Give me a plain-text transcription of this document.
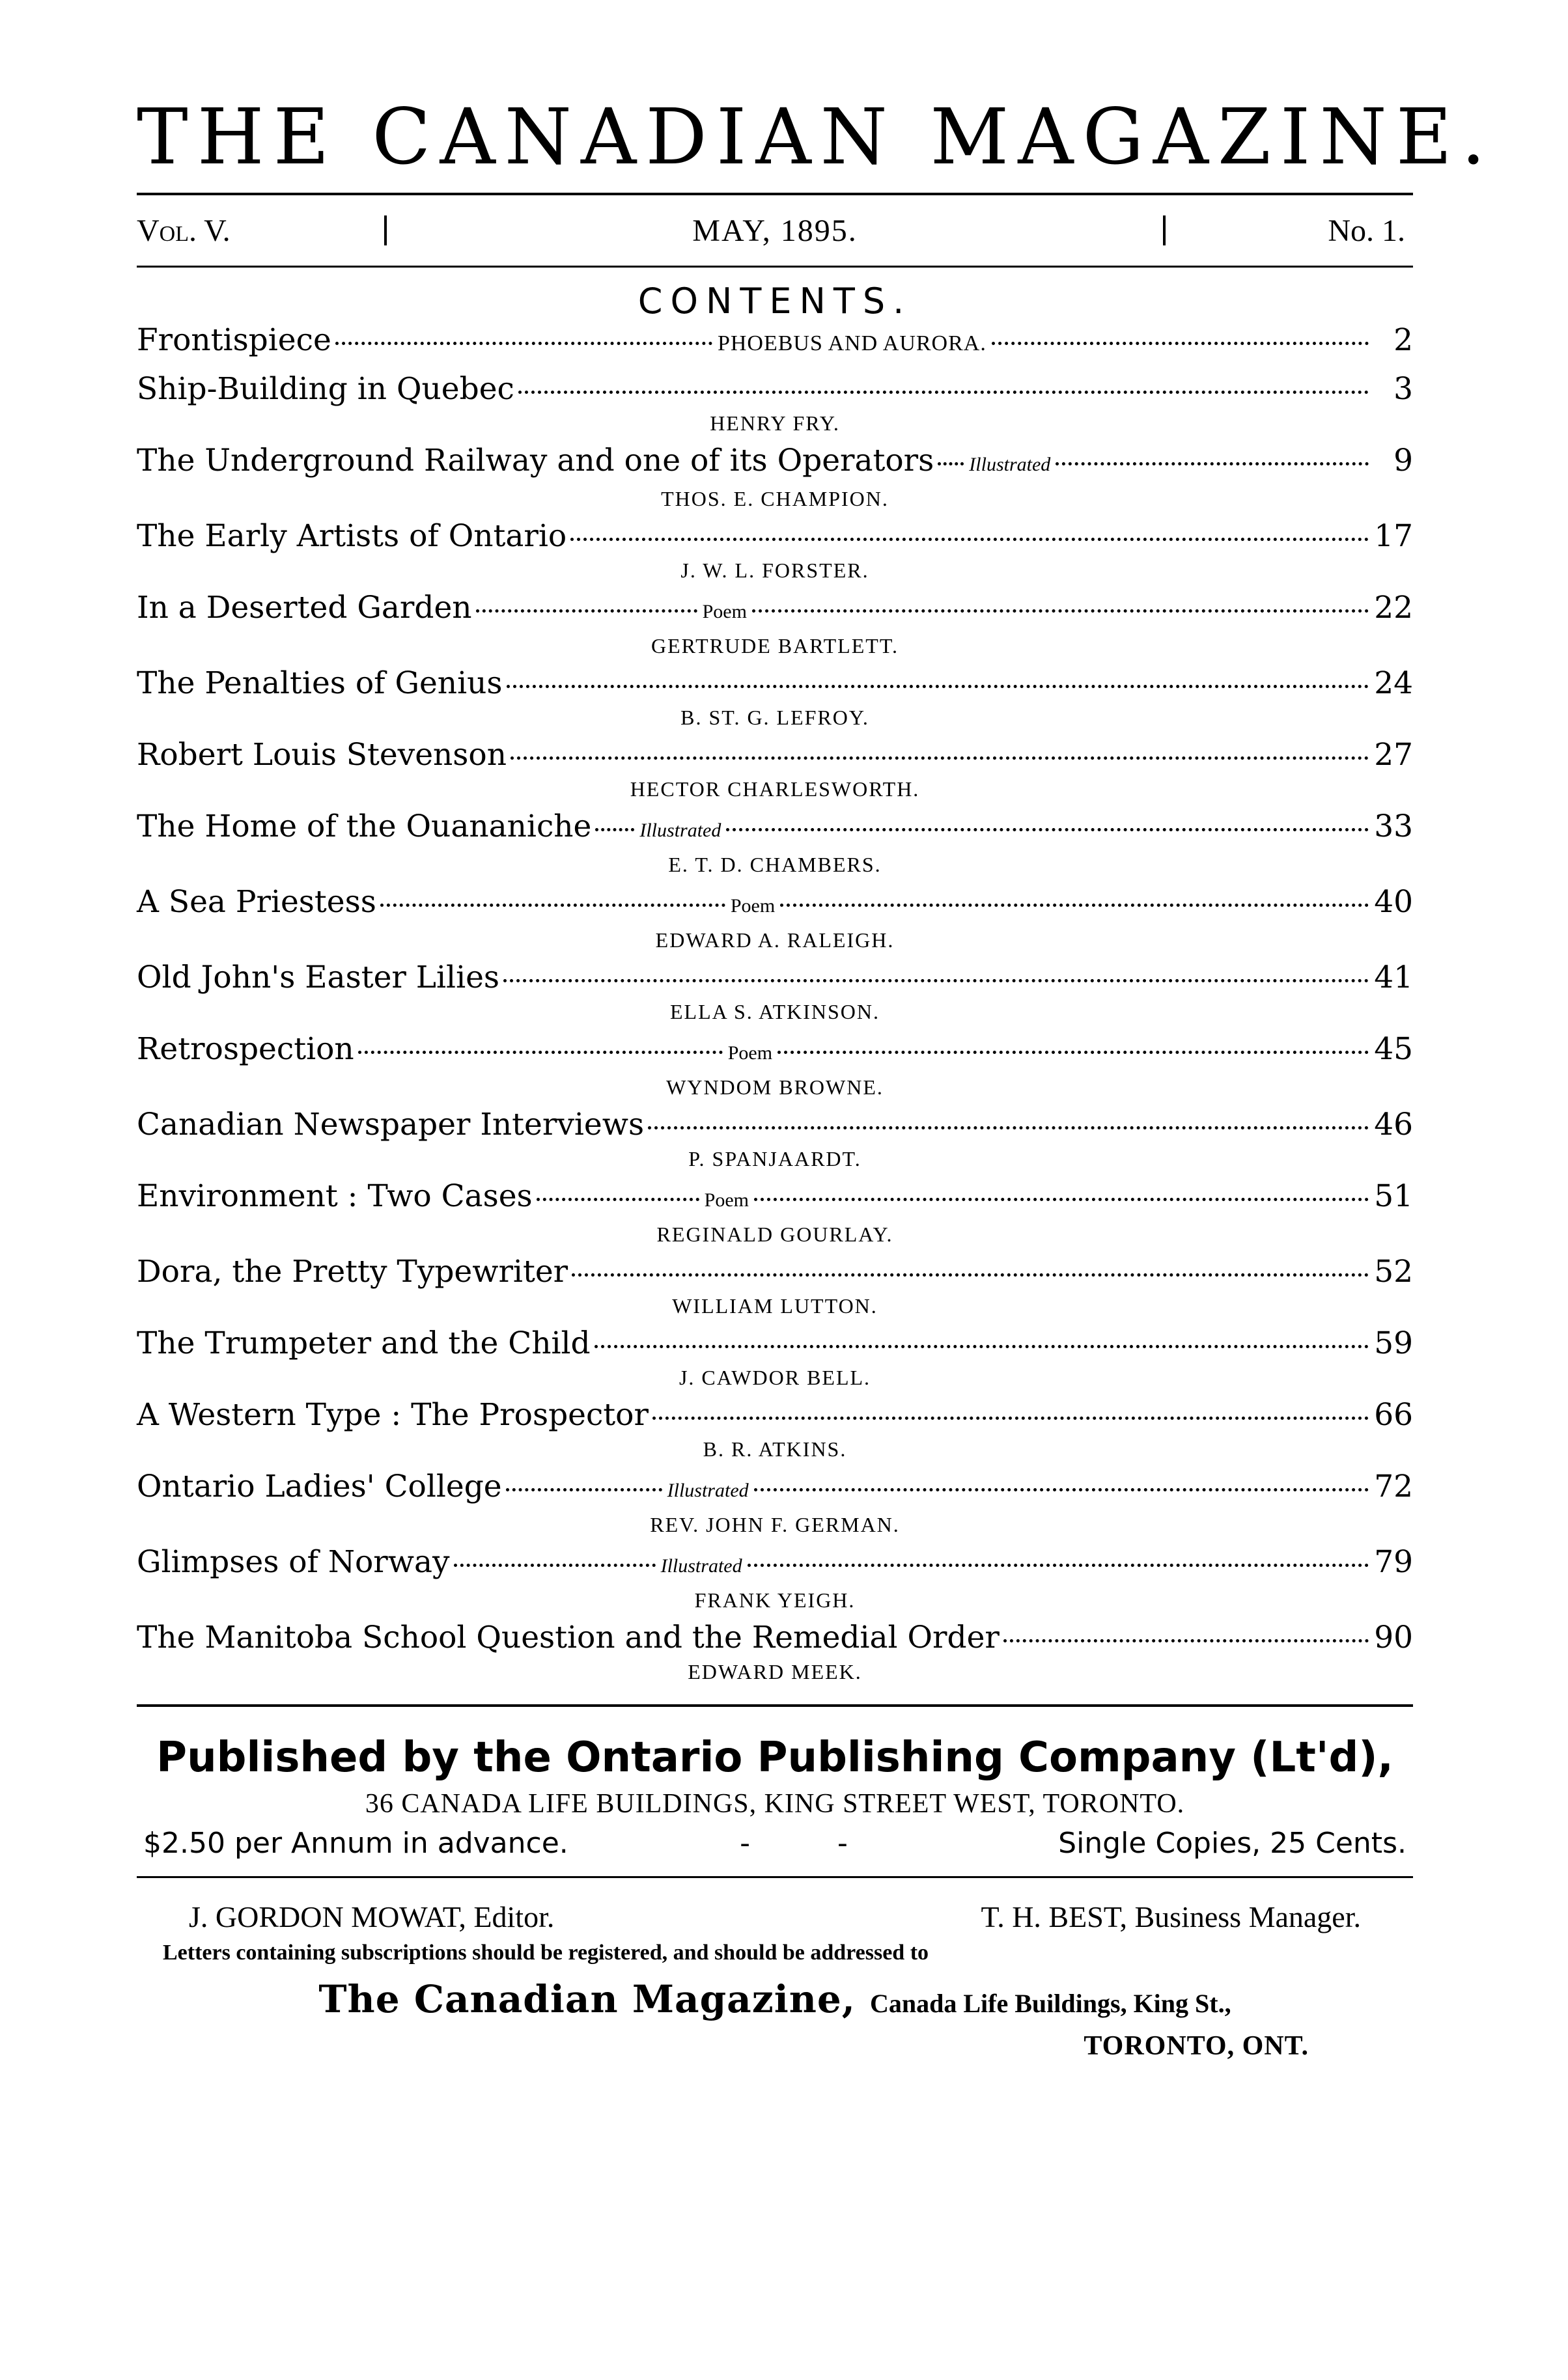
THE CANADIAN MAGAZINE.
Vol. V.	MAY, 1895.	No. 1.
CONTENTS.
Frontispiece	PHOEBUS AND AURORA.	2
Ship-Building in Quebec	3
HENRY FRY.
The Underground Railway and one of its Operators Illustrated	9
THOS. E. CHAMPION.
The Early Artists of Ontario	17
J. W. L. FORSTER.
In a Deserted Garden	Poem	22
GERTRUDE BARTLETT.
The Penalties of Genius	24
B. ST. G. LEFROY.
Robert Louis Stevenson	27
HECTOR CHARLESWORTH.
The Home of the Ouananiche Illustrated	33
E. T. D. CHAMBERS.
A Sea Priestess	Poem	40
EDWARD A. RALEIGH.
Old John's Easter Lilies	41
ELLA S. ATKINSON.
Retrospection	Poem	45
WYNDOM BROWNE.
Canadian Newspaper Interviews	46
P. SPANJAARDT.
Environment : Two Cases	Poem	51
REGINALD GOURLAY.
Dora, the Pretty Typewriter	52
WILLIAM LUTTON.
The Trumpeter and the Child	59
J. CAWDOR BELL.
A Western Type : The Prospector	66
B. R. ATKINS.
Ontario Ladies' College	Illustrated	72
REV. JOHN F. GERMAN.
Glimpses of Norway	Illustrated	79
FRANK YEIGH.
The Manitoba School Question and the Remedial Order	90
EDWARD MEEK.
Published by the Ontario Publishing Company (Lt'd),
36 CANADA LIFE BUILDINGS, KING STREET WEST, TORONTO.
$2.50 per Annum in advance.	- -	Single Copies, 25 Cents.
J. GORDON MOWAT, Editor.	T. H. BEST, Business Manager.
Letters containing subscriptions should be registered, and should be addressed to
The Canadian Magazine, Canada Life Buildings, King St.,
TORONTO, ONT.
